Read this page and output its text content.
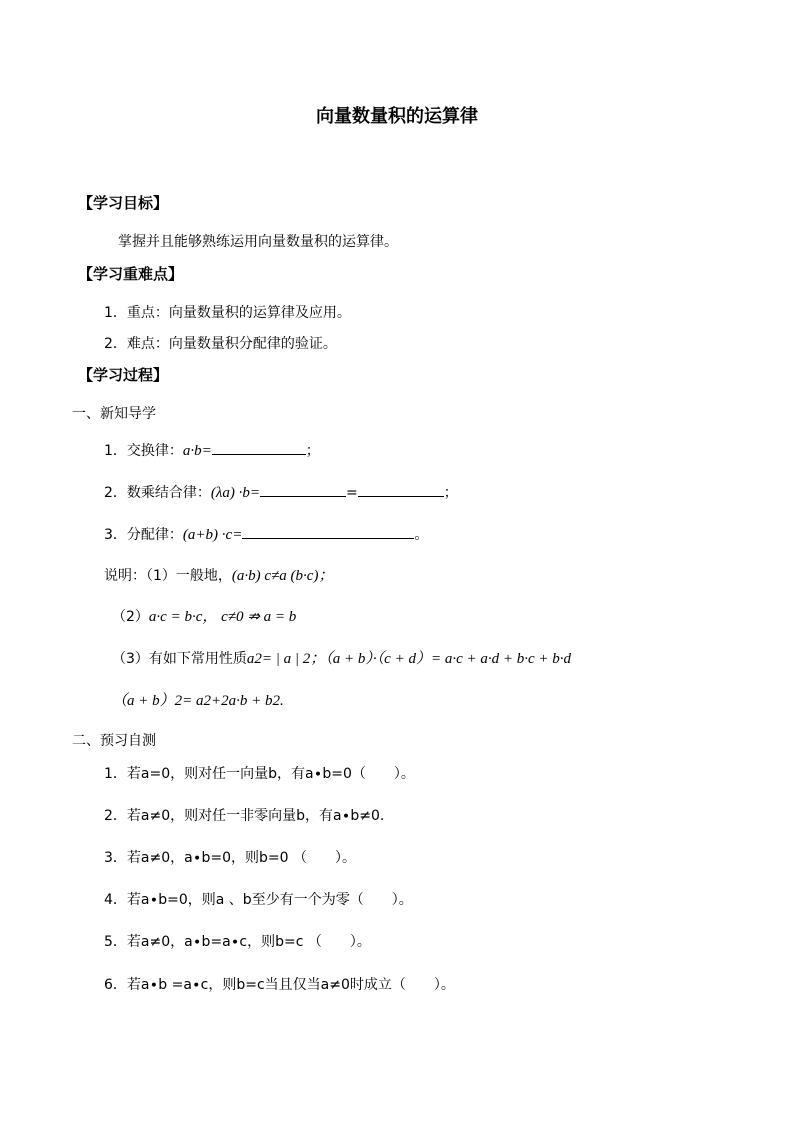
向量数量积的运算律
【学习目标】
掌握并且能够熟练运用向量数量积的运算律。
【学习重难点】
1．重点：向量数量积的运算律及应用。
2．难点：向量数量积分配律的验证。
【学习过程】
一、新知导学
1．交换律：a∙b=	；
2．数乘结合律：(λa) ∙b=	=	；
3．分配律：(a+b) ∙c=	。
说明：（1）一般地，(a·b) c≠a (b·c)；
（2）a·c = b·c， c≠0 ⇏ a = b
（3）有如下常用性质a2= | a | 2；（a + b）·（c + d）= a·c + a·d + b·c + b·d
（a + b）2= a2+2a·b + b2.
二、预习自测
1．若a=0，则对任一向量b，有a∙b=0（　　）。
2．若a≠0，则对任一非零向量b，有a∙b≠0.
3．若a≠0，a∙b=0，则b=0 （　　）。
4．若a∙b=0，则a 、b至少有一个为零（　　）。
5．若a≠0，a∙b=a∙c，则b=c （　　）。
6．若a∙b =a∙c，则b=c当且仅当a≠0时成立（　　）。
